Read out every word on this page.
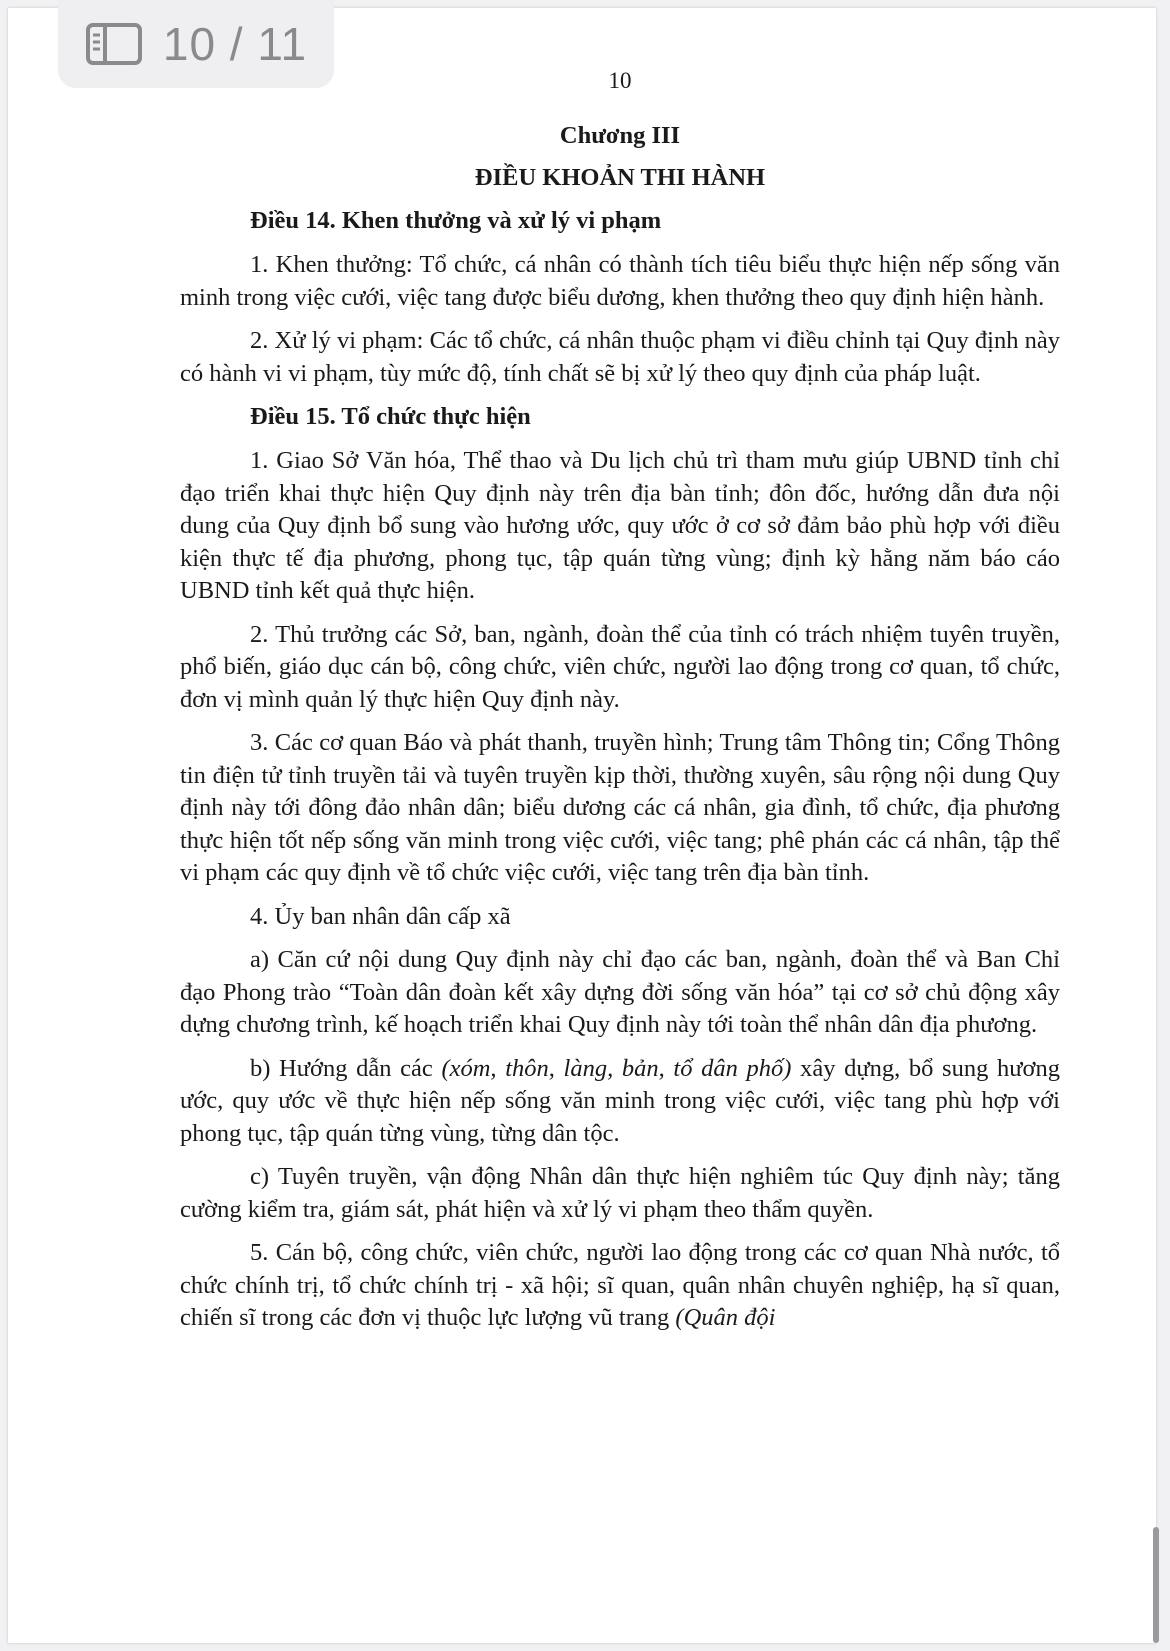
10 / 11
10
Chương III
ĐIỀU KHOẢN THI HÀNH
Điều 14. Khen thưởng và xử lý vi phạm

1. Khen thưởng: Tổ chức, cá nhân có thành tích tiêu biểu thực hiện nếp sống văn minh trong việc cưới, việc tang được biểu dương, khen thưởng theo quy định hiện hành.

2. Xử lý vi phạm: Các tổ chức, cá nhân thuộc phạm vi điều chỉnh tại Quy định này có hành vi vi phạm, tùy mức độ, tính chất sẽ bị xử lý theo quy định của pháp luật.

Điều 15. Tổ chức thực hiện

1. Giao Sở Văn hóa, Thể thao và Du lịch chủ trì tham mưu giúp UBND tỉnh chỉ đạo triển khai thực hiện Quy định này trên địa bàn tỉnh; đôn đốc, hướng dẫn đưa nội dung của Quy định bổ sung vào hương ước, quy ước ở cơ sở đảm bảo phù hợp với điều kiện thực tế địa phương, phong tục, tập quán từng vùng; định kỳ hằng năm báo cáo UBND tỉnh kết quả thực hiện.

2. Thủ trưởng các Sở, ban, ngành, đoàn thể của tỉnh có trách nhiệm tuyên truyền, phổ biến, giáo dục cán bộ, công chức, viên chức, người lao động trong cơ quan, tổ chức, đơn vị mình quản lý thực hiện Quy định này.

3. Các cơ quan Báo và phát thanh, truyền hình; Trung tâm Thông tin; Cổng Thông tin điện tử tỉnh truyền tải và tuyên truyền kịp thời, thường xuyên, sâu rộng nội dung Quy định này tới đông đảo nhân dân; biểu dương các cá nhân, gia đình, tổ chức, địa phương thực hiện tốt nếp sống văn minh trong việc cưới, việc tang; phê phán các cá nhân, tập thể vi phạm các quy định về tổ chức việc cưới, việc tang trên địa bàn tỉnh.

4. Ủy ban nhân dân cấp xã

a) Căn cứ nội dung Quy định này chỉ đạo các ban, ngành, đoàn thể và Ban Chỉ đạo Phong trào “Toàn dân đoàn kết xây dựng đời sống văn hóa” tại cơ sở chủ động xây dựng chương trình, kế hoạch triển khai Quy định này tới toàn thể nhân dân địa phương.

b) Hướng dẫn các (xóm, thôn, làng, bản, tổ dân phố) xây dựng, bổ sung hương ước, quy ước về thực hiện nếp sống văn minh trong việc cưới, việc tang phù hợp với phong tục, tập quán từng vùng, từng dân tộc.

c) Tuyên truyền, vận động Nhân dân thực hiện nghiêm túc Quy định này; tăng cường kiểm tra, giám sát, phát hiện và xử lý vi phạm theo thẩm quyền.

5. Cán bộ, công chức, viên chức, người lao động trong các cơ quan Nhà nước, tổ chức chính trị, tổ chức chính trị - xã hội; sĩ quan, quân nhân chuyên nghiệp, hạ sĩ quan, chiến sĩ trong các đơn vị thuộc lực lượng vũ trang (Quân đội
